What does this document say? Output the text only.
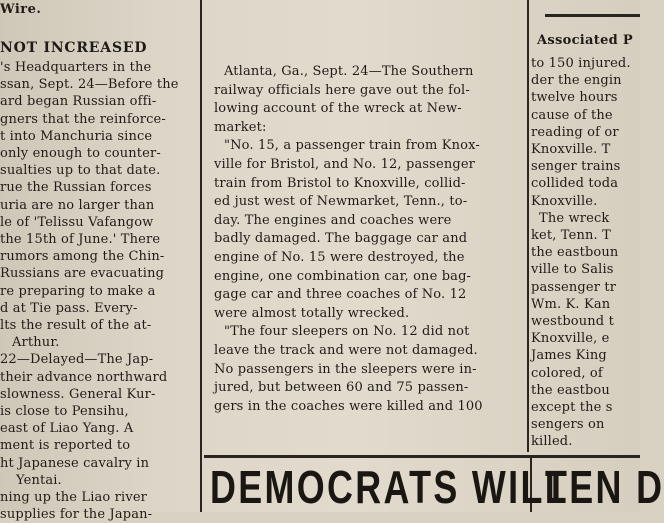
Wire.
Associated P
NOT INCREASED
's Headquarters in the
ssan, Sept. 24—Before the
ard began Russian offi-
gners that the reinforce-
t into Manchuria since
only enough to counter-
sualties up to that date.
rue the Russian forces
uria are no larger than
le of 'Telissu Vafangow
the 15th of June.' There
rumors among the Chin-
Russians are evacuating
re preparing to make a
d at Tie pass. Every-
lts the result of the at-
Arthur.
22—Delayed—The Jap-
their advance northward
slowness. General Kur-
is close to Pensihu,
east of Liao Yang. A
ment is reported to
ht Japanese cavalry in
Yentai.
ning up the Liao river
supplies for the Japan-
Atlanta, Ga., Sept. 24—The Southern
railway officials here gave out the fol-
lowing account of the wreck at New-
market:
"No. 15, a passenger train from Knox-
ville for Bristol, and No. 12, passenger
train from Bristol to Knoxville, collid-
ed just west of Newmarket, Tenn., to-
day. The engines and coaches were
badly damaged. The baggage car and
engine of No. 15 were destroyed, the
engine, one combination car, one bag-
gage car and three coaches of No. 12
were almost totally wrecked.
"The four sleepers on No. 12 did not
leave the track and were not damaged.
No passengers in the sleepers were in-
jured, but between 60 and 75 passen-
gers in the coaches were killed and 100
to 150 injured.
der the engin
twelve hours
cause of the
reading of or
Knoxville. T
senger trains
collided toda
Knoxville.
The wreck
ket, Tenn. T
the eastboun
ville to Salis
passenger tr
Wm. K. Kan
westbound t
Knoxville, e
James King
colored, of
the eastbou
except the s
sengers on
killed.
DEMOCRATS WILL
TEN D
